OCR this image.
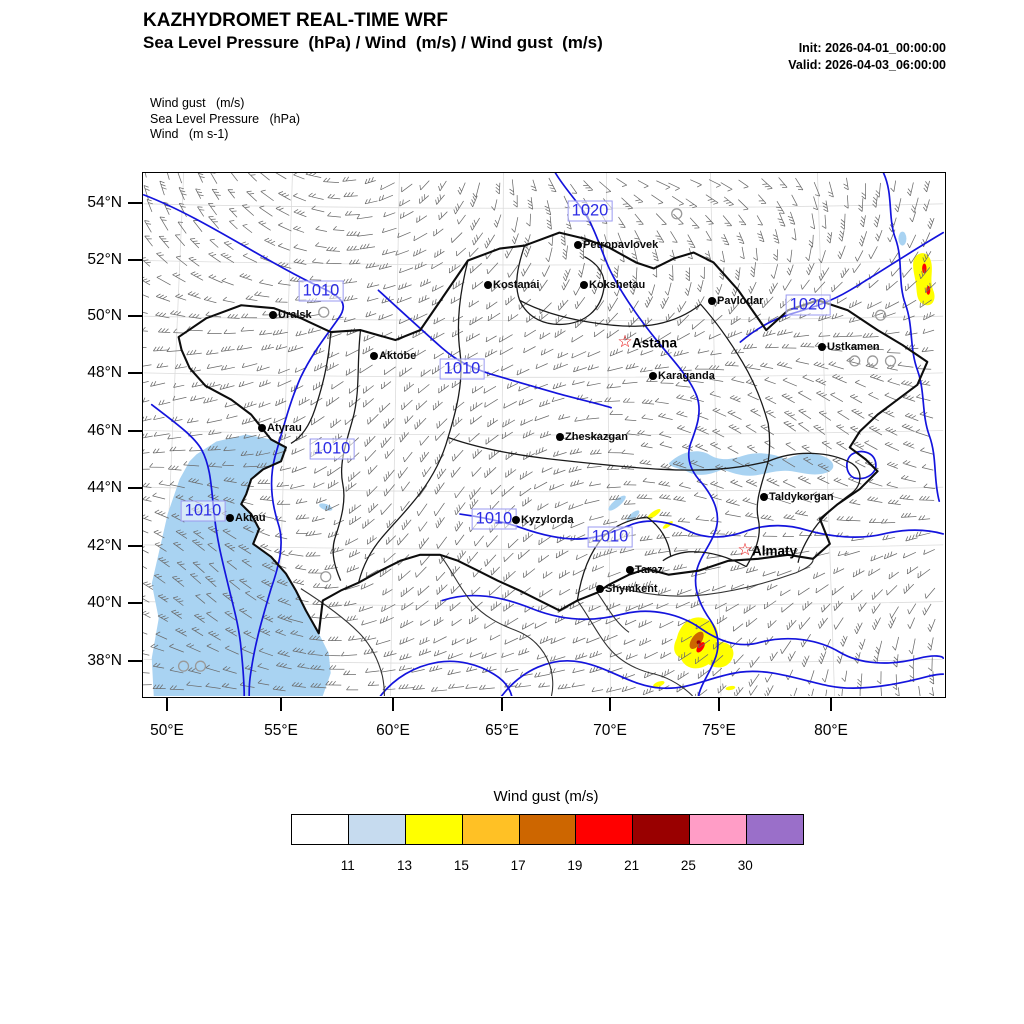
KAZHYDROMET REAL-TIME WRF
Sea Level Pressure  (hPa) / Wind  (m/s) / Wind gust  (m/s)	Init: 2026-04-01_00:00:00
Valid: 2026-04-03_06:00:00
Wind gust   (m/s)
Sea Level Pressure   (hPa)
Wind   (m s-1)
Wind gust (m/s)
54°N
52°N
50°N
48°N
46°N
44°N
42°N
40°N
38°N
50°E	55°E	60°E	65°E	70°E	75°E	80°E
1020
1010
1020
1010
1010
1010	1010
1010
Petropavlovek
Kostanai	Kokshetau
Pavlodar
Uralsk
Ustkamen
Aktobe
☆ Astana
Karaganda
Atyrau
Zheskazgan
Taldykorgan
Aktau	Kyzylorda
☆ Almaty
Taraz
Shymkent
11	13	15	17	19	21	25	30
